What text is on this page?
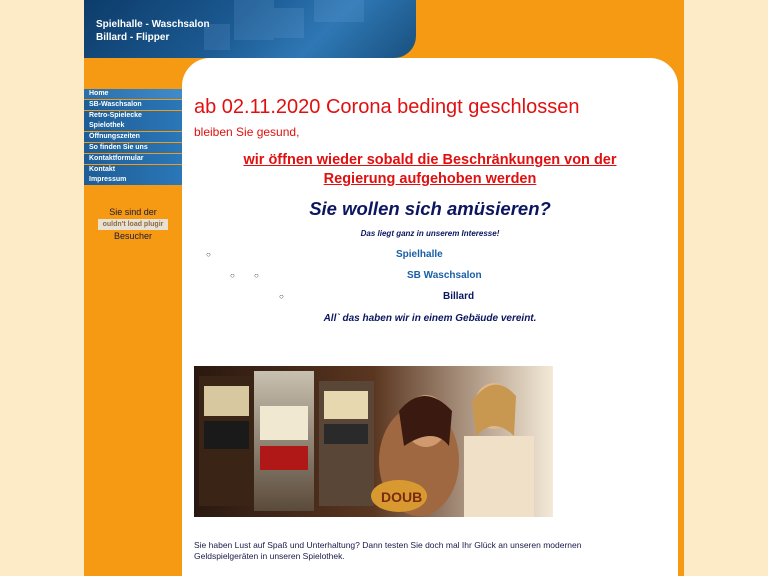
Spielhalle - Waschsalon
Billard - Flipper
Home
SB-Waschsalon
Retro-Spielecke
Spielothek
Öffnungszeiten
So finden Sie uns
Kontaktformular
Kontakt
Impressum
Sie sind der
ouldn't load plugir
Besucher
ab 02.11.2020 Corona bedingt geschlossen
bleiben Sie gesund,
wir öffnen wieder sobald die Beschränkungen von der
Regierung aufgehoben werden
Sie wollen sich amüsieren?
Das liegt ganz in unserem Interesse!
○	Spielhalle
○ ○	SB Waschsalon
○	Billard
All` das haben wir in einem Gebäude vereint.
DOUB
Sie haben Lust auf Spaß und Unterhaltung? Dann testen Sie doch mal Ihr Glück an unseren modernen
Geldspielgeräten in unseren Spielothek.
